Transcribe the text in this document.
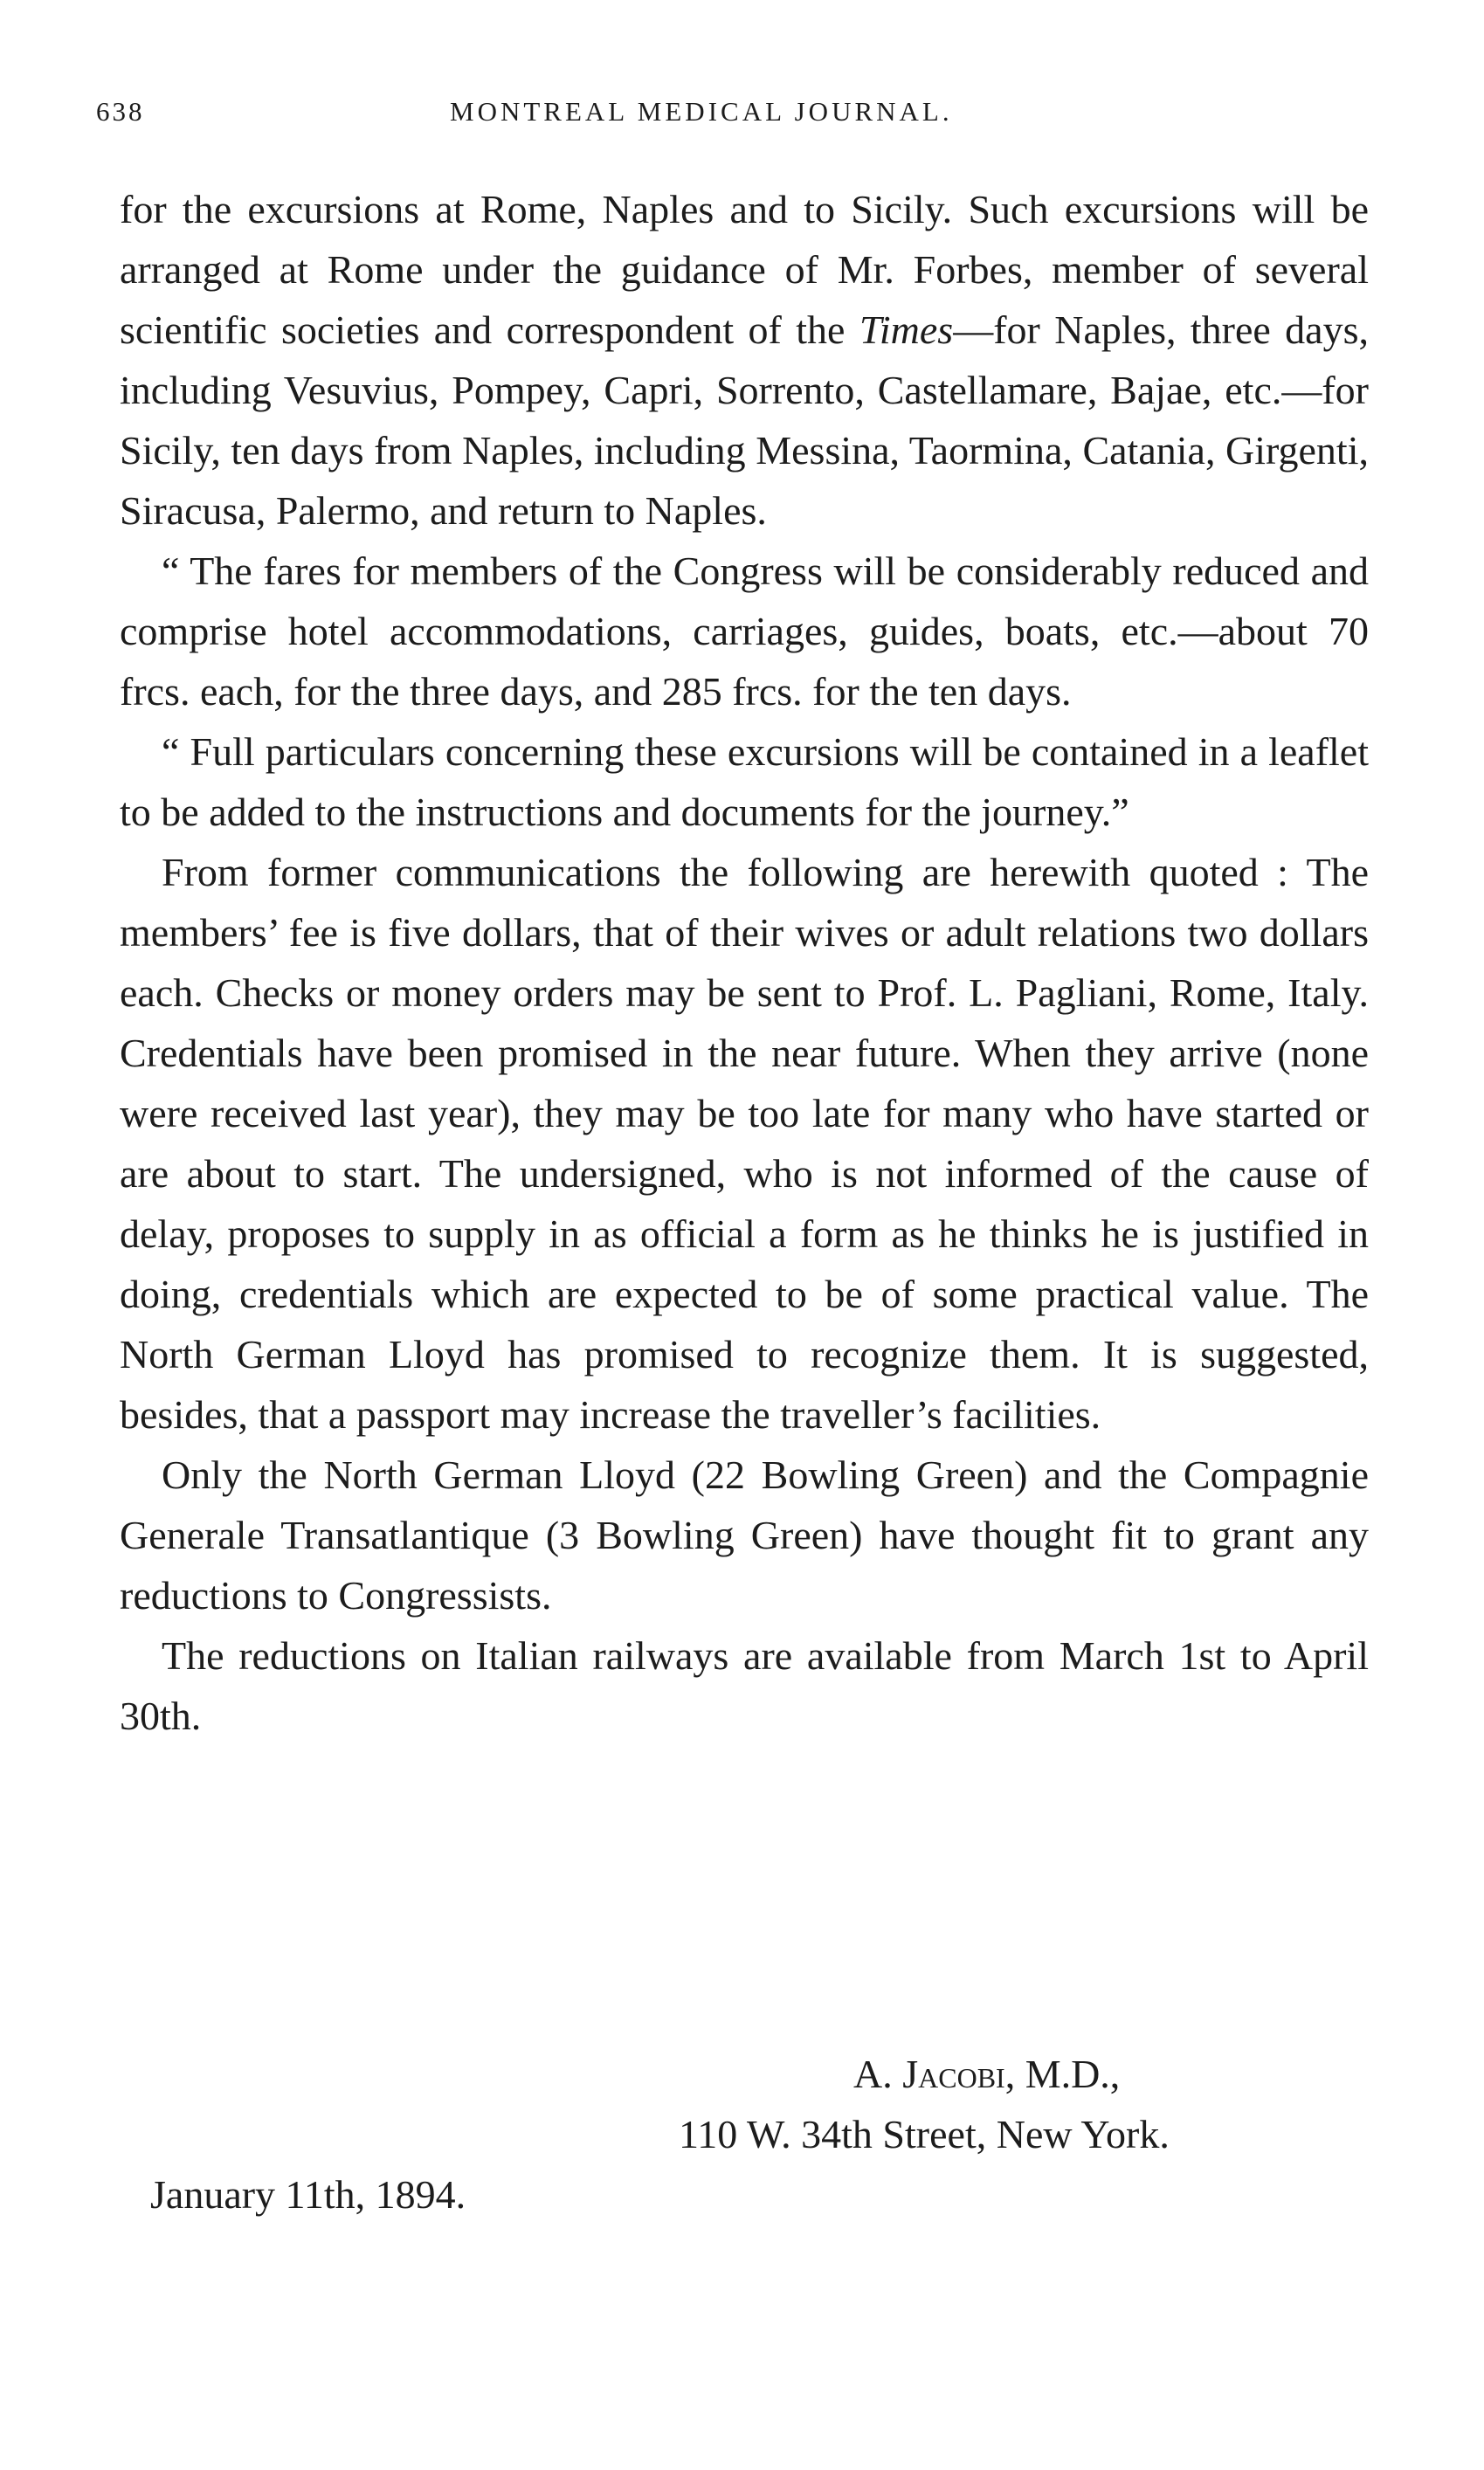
638	MONTREAL MEDICAL JOURNAL.

for the excursions at Rome, Naples and to Sicily. Such excursions will be arranged at Rome under the guidance of Mr. Forbes, member of several scientific societies and correspondent of the Times—for Naples, three days, including Vesuvius, Pompey, Capri, Sorrento, Castellamare, Bajae, etc.—for Sicily, ten days from Naples, including Messina, Taormina, Catania, Girgenti, Siracusa, Palermo, and return to Naples.

“ The fares for members of the Congress will be considerably reduced and comprise hotel accommodations, carriages, guides, boats, etc.—about 70 frcs. each, for the three days, and 285 frcs. for the ten days.

“ Full particulars concerning these excursions will be contained in a leaflet to be added to the instructions and documents for the journey.”

From former communications the following are herewith quoted : The members’ fee is five dollars, that of their wives or adult relations two dollars each. Checks or money orders may be sent to Prof. L. Pagliani, Rome, Italy. Credentials have been promised in the near future. When they arrive (none were received last year), they may be too late for many who have started or are about to start. The undersigned, who is not informed of the cause of delay, proposes to supply in as official a form as he thinks he is justified in doing, credentials which are expected to be of some practical value. The North German Lloyd has promised to recognize them. It is suggested, besides, that a passport may increase the traveller’s facilities.

Only the North German Lloyd (22 Bowling Green) and the Compagnie Generale Transatlantique (3 Bowling Green) have thought fit to grant any reductions to Congressists.

The reductions on Italian railways are available from March 1st to April 30th.

A. Jacobi, M.D.,
110 W. 34th Street, New York.
January 11th, 1894.
